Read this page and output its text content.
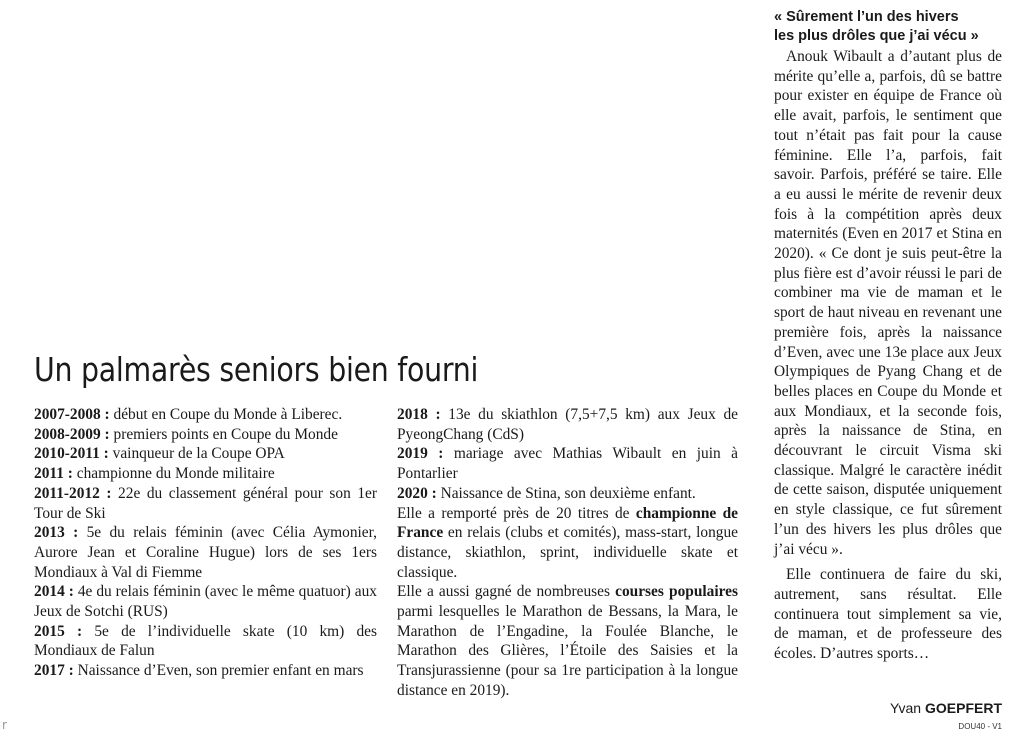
Un palmarès seniors bien fourni

2007-2008 : début en Coupe du Monde à Liberec.

2008-2009 : premiers points en Coupe du Monde

2010-2011 : vainqueur de la Coupe OPA

2011 : championne du Monde militaire

2011-2012 : 22e du classement général pour son 1er Tour de Ski

2013 : 5e du relais féminin (avec Célia Aymonier, Aurore Jean et Coraline Hugue) lors de ses 1ers Mondiaux à Val di Fiemme

2014 : 4e du relais féminin (avec le même quatuor) aux Jeux de Sotchi (RUS)

2015 : 5e de l’individuelle skate (10 km) des Mondiaux de Falun

2017 : Naissance d’Even, son premier enfant en mars

2018 : 13e du skiathlon (7,5+7,5 km) aux Jeux de PyeongChang (CdS)

2019 : mariage avec Mathias Wibault en juin à Pontarlier

2020 : Naissance de Stina, son deuxième enfant.

Elle a remporté près de 20 titres de championne de France en relais (clubs et comités), mass-start, longue distance, skiathlon, sprint, individuelle skate et classique.

Elle a aussi gagné de nombreuses courses populaires parmi lesquelles le Marathon de Bessans, la Mara, le Marathon de l’Engadine, la Foulée Blanche, le Marathon des Glières, l’Étoile des Saisies et la Transjurassienne (pour sa 1re participation à la longue distance en 2019).

« Sûrement l’un des hivers
les plus drôles que j’ai vécu »

Anouk Wibault a d’autant plus de mérite qu’elle a, parfois, dû se battre pour exister en équipe de France où elle avait, parfois, le sentiment que tout n’était pas fait pour la cause féminine. Elle l’a, parfois, fait savoir. Parfois, préféré se taire. Elle a eu aussi le mérite de revenir deux fois à la compétition après deux maternités (Even en 2017 et Stina en 2020). « Ce dont je suis peut-être la plus fière est d’avoir réussi le pari de combiner ma vie de maman et le sport de haut niveau en revenant une première fois, après la naissance d’Even, avec une 13e place aux Jeux Olympiques de Pyang Chang et de belles places en Coupe du Monde et aux Mondiaux, et la seconde fois, après la naissance de Stina, en découvrant le circuit Visma ski classique. Malgré le caractère inédit de cette saison, disputée uniquement en style classique, ce fut sûrement l’un des hivers les plus drôles que j’ai vécu ».

Elle continuera de faire du ski, autrement, sans résultat. Elle continuera tout simplement sa vie, de maman, et de professeure des écoles. D’autres sports…

Yvan GOEPFERT

DOU40 - V1
r
